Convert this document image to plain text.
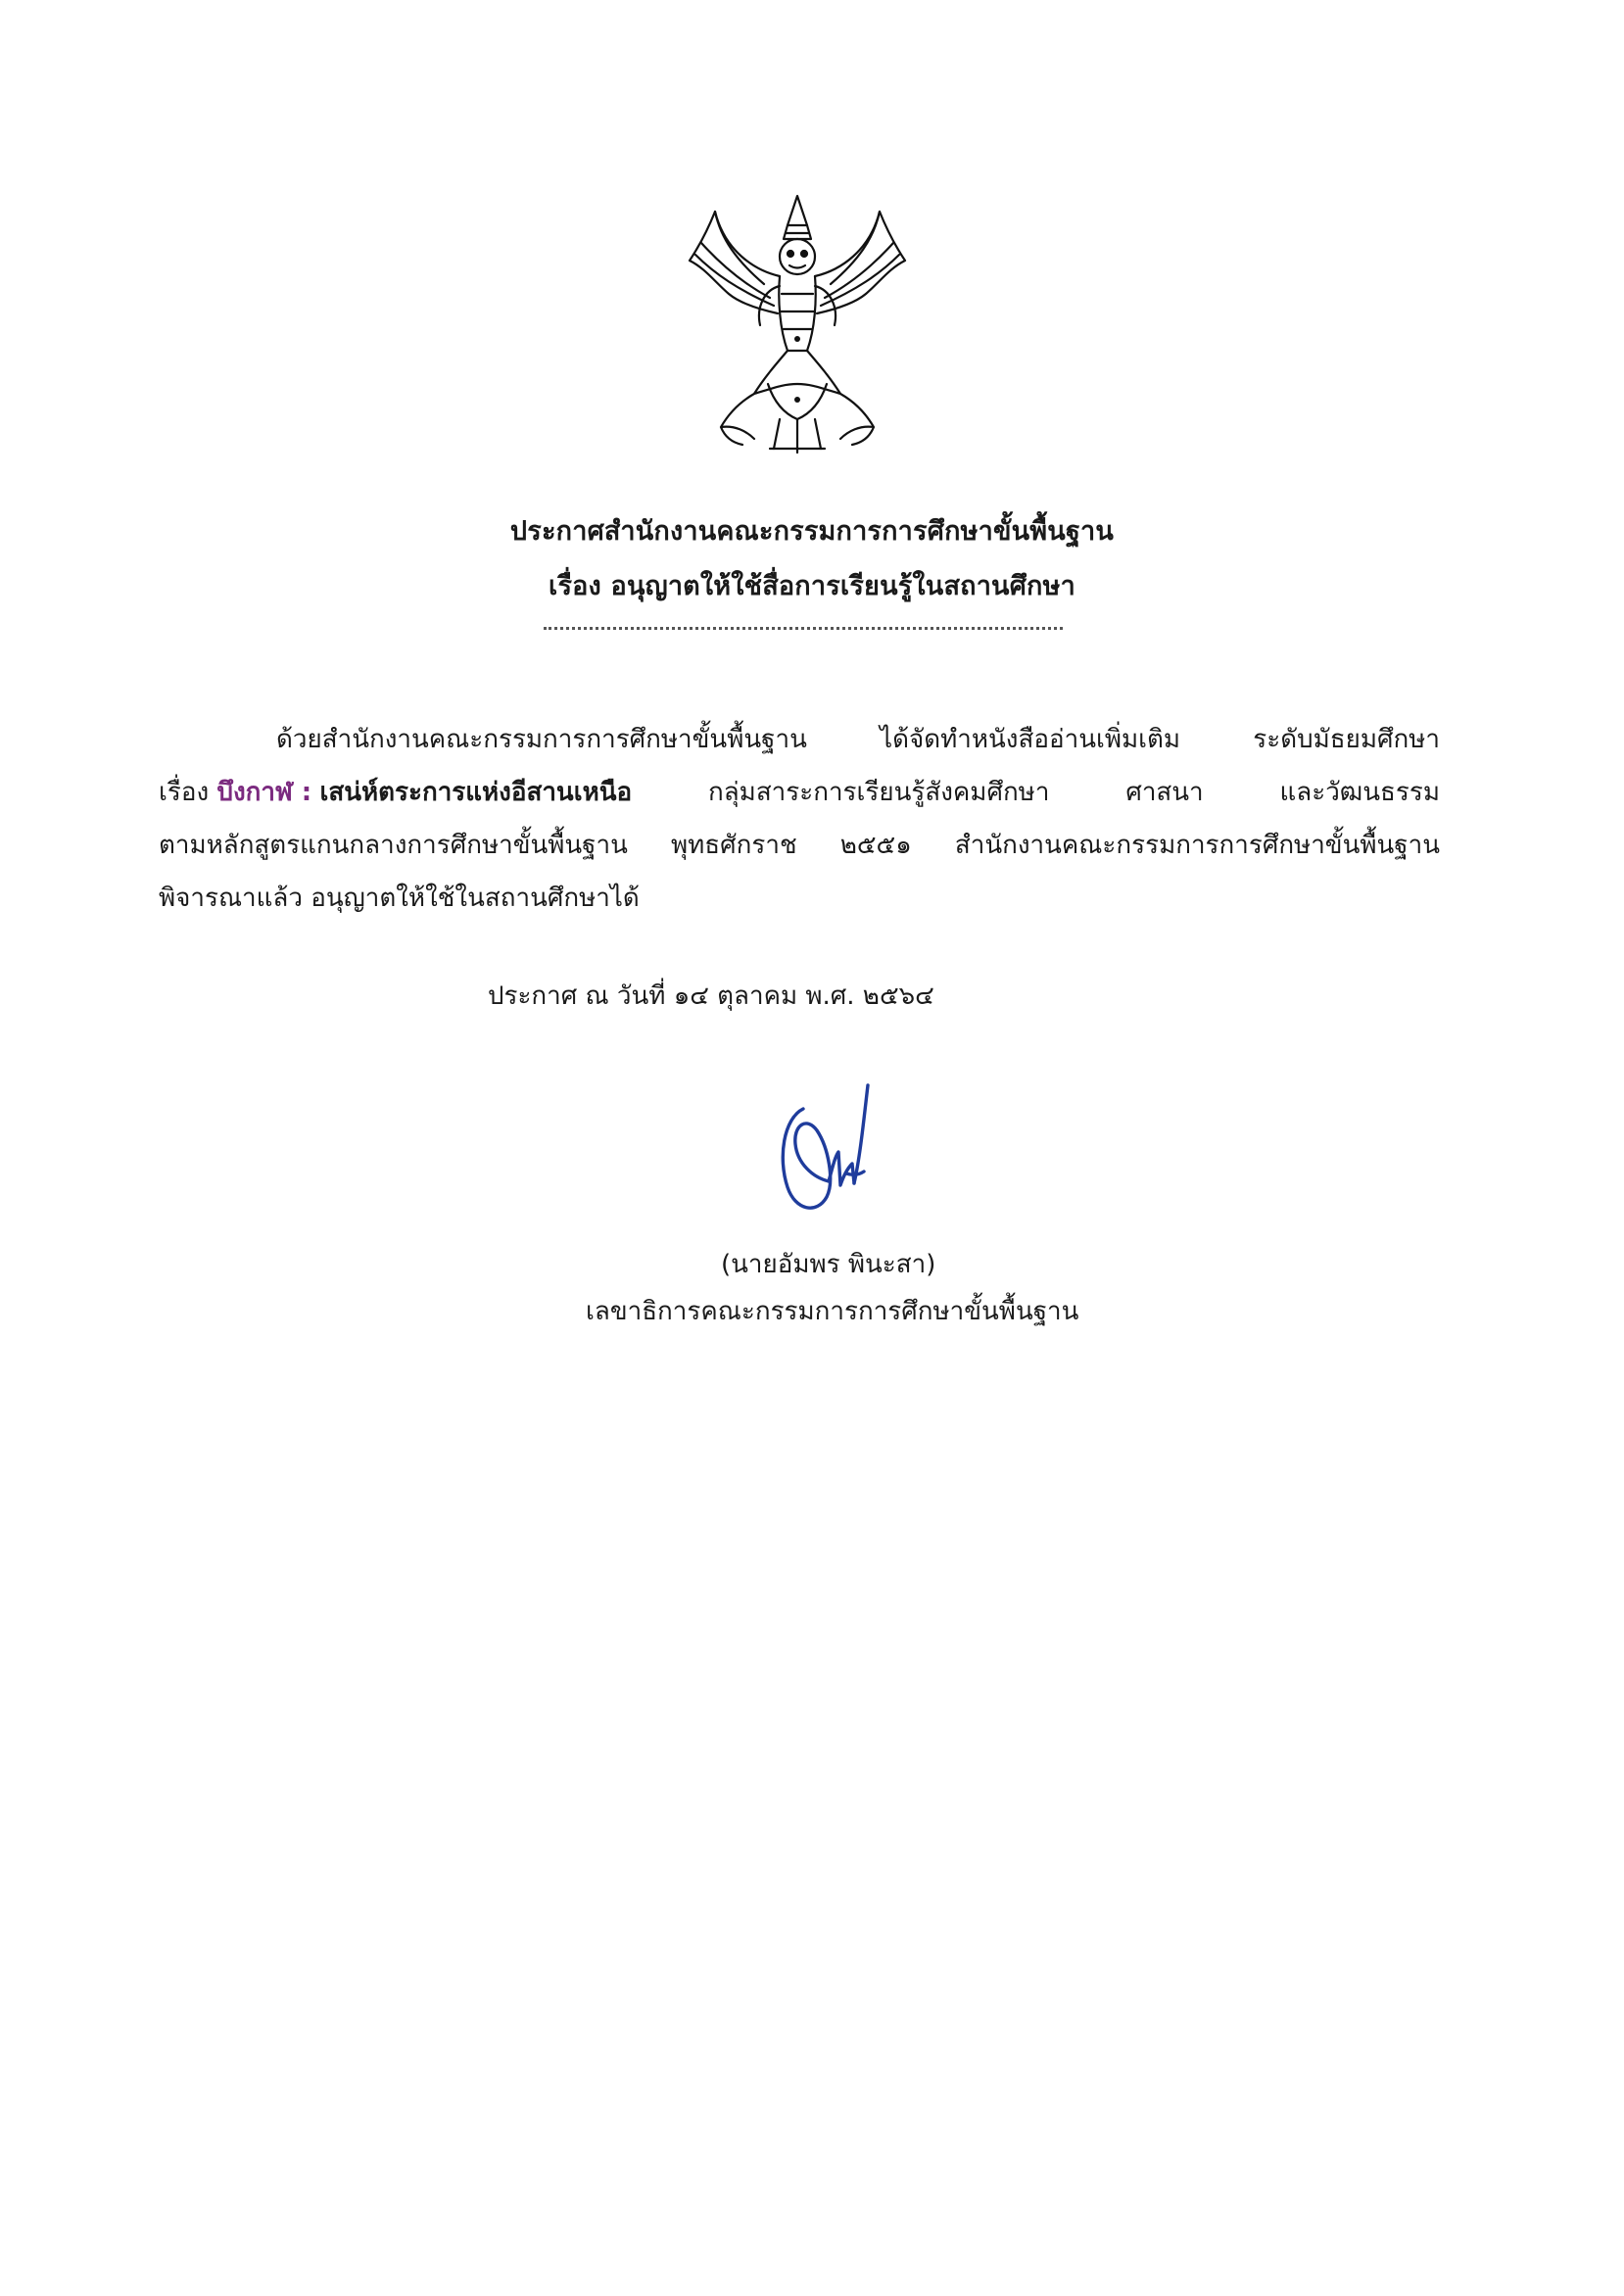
ประกาศสำนักงานคณะกรรมการการศึกษาขั้นพื้นฐาน
เรื่อง อนุญาตให้ใช้สื่อการเรียนรู้ในสถานศึกษา
ด้วยสำนักงานคณะกรรมการการศึกษาขั้นพื้นฐาน	ได้จัดทำหนังสืออ่านเพิ่มเติม	ระดับมัธยมศึกษา
เรื่อง บึงกาฬ : เสน่ห์ตระการแห่งอีสานเหนือ	กลุ่มสาระการเรียนรู้สังคมศึกษา	ศาสนา	และวัฒนธรรม
ตามหลักสูตรแกนกลางการศึกษาขั้นพื้นฐาน พุทธศักราช ๒๕๕๑ สำนักงานคณะกรรมการการศึกษาขั้นพื้นฐาน
พิจารณาแล้ว อนุญาตให้ใช้ในสถานศึกษาได้
ประกาศ ณ วันที่ ๑๔ ตุลาคม พ.ศ. ๒๕๖๔
(นายอัมพร พินะสา)
เลขาธิการคณะกรรมการการศึกษาขั้นพื้นฐาน
